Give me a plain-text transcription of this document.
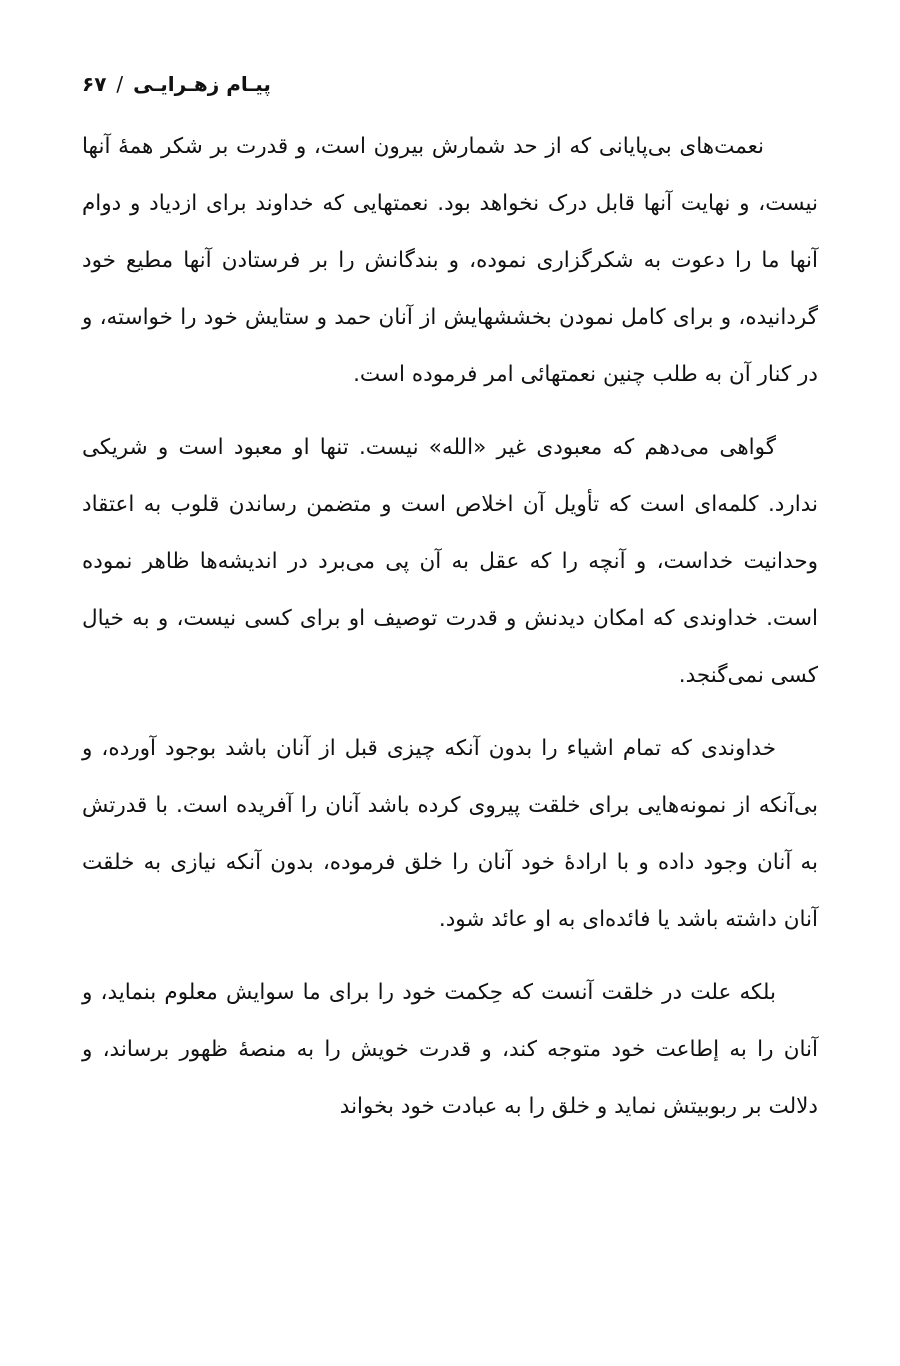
پیـام زهـرایـی
/
۶۷

نعمت‌های بی‌پایانی که از حد شمارش بیرون است، و قدرت بر شکر همهٔ آنها نیست، و نهایت آنها قابل درک نخواهد بود. نعمتهایی که خداوند برای ازدیاد و دوام آنها ما را دعوت به شکرگزاری نموده، و بندگانش را بر فرستادن آنها مطیع خود گردانیده، و برای کامل نمودن بخششهایش از آنان حمد و ستایش خود را خواسته، و در کنار آن به طلب چنین نعمتهائی امر فرموده است.

گواهی می‌دهم که معبودی غیر «الله» نیست. تنها او معبود است و شریکی ندارد. کلمه‌ای است که تأویل آن اخلاص است و متضمن رساندن قلوب به اعتقاد وحدانیت خداست، و آنچه را که عقل به آن پی می‌برد در اندیشه‌ها ظاهر نموده است. خداوندی که امکان دیدنش و قدرت توصیف او برای کسی نیست، و به خیال کسی نمی‌گنجد.

خداوندی که تمام اشیاء را بدون آنکه چیزی قبل از آنان باشد بوجود آورده، و بی‌آنکه از نمونه‌هایی برای خلقت پیروی کرده باشد آنان را آفریده است. با قدرتش به آنان وجود داده و با ارادهٔ خود آنان را خلق فرموده، بدون آنکه نیازی به خلقت آنان داشته باشد یا فائده‌ای به او عائد شود.

بلکه علت در خلقت آنست که حِکمت خود را برای ما سوایش معلوم بنماید، و آنان را به إطاعت خود متوجه کند، و قدرت خویش را به منصهٔ ظهور برساند، و دلالت بر ربوبیتش نماید و خلق را به عبادت خود بخواند
